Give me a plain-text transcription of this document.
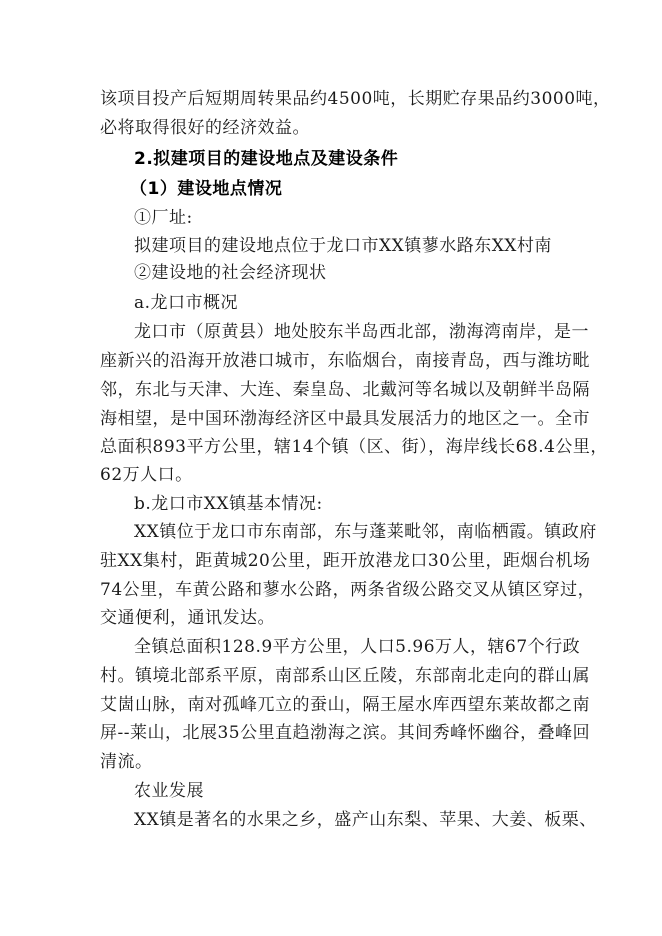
该项目投产后短期周转果品约4500吨，长期贮存果品约3000吨，
必将取得很好的经济效益。
2.拟建项目的建设地点及建设条件
（1）建设地点情况
①厂址:
拟建项目的建设地点位于龙口市XX镇蓼水路东XX村南
②建设地的社会经济现状
a.龙口市概况
龙口市（原黄县）地处胶东半岛西北部，渤海湾南岸，是一
座新兴的沿海开放港口城市，东临烟台，南接青岛，西与潍坊毗
邻，东北与天津、大连、秦皇岛、北戴河等名城以及朝鲜半岛隔
海相望，是中国环渤海经济区中最具发展活力的地区之一。全市
总面积893平方公里，辖14个镇（区、街），海岸线长68.4公里，
62万人口。
b.龙口市XX镇基本情况:
XX镇位于龙口市东南部，东与蓬莱毗邻，南临栖霞。镇政府
驻XX集村，距黄城20公里，距开放港龙口30公里，距烟台机场
74公里，车黄公路和蓼水公路，两条省级公路交叉从镇区穿过，
交通便利，通讯发达。
全镇总面积128.9平方公里，人口5.96万人，辖67个行政
村。镇境北部系平原，南部系山区丘陵，东部南北走向的群山属
艾崮山脉，南对孤峰兀立的蚕山，隔王屋水库西望东莱故都之南
屏--莱山，北展35公里直趋渤海之滨。其间秀峰怀幽谷，叠峰回
清流。
农业发展
XX镇是著名的水果之乡，盛产山东梨、苹果、大姜、板栗、
